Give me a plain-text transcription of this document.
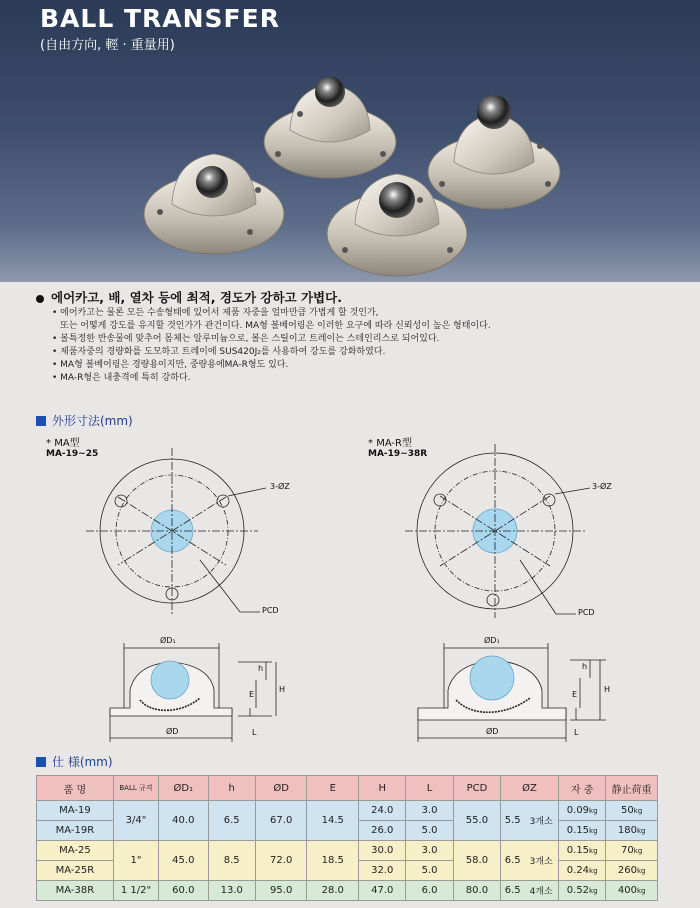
BALL TRANSFER
(自由方向, 輕 · 重量用)
에어카고, 배, 열차 등에 최적, 경도가 강하고 가볍다.
• 에어카고는 물론 모든 수송형태에 있어서 제품 자중을 얼마만큼 가볍게 할 것인가,
또는 어떻게 강도를 유지할 것인가가 관건이다. MA형 볼베어링은 이러한 요구에 따라 신뢰성이 높은 형태이다.
• 볼특정한 반송물에 맞추어 몸체는 알루미늄으로, 볼은 스틸이고 트레이는 스테인리스로 되어있다.
• 제품자중의 경량화를 도모하고 트레이에 SUS420J₂를 사용하여 강도를 강화하였다.
• MA형 볼베어링은 경량용이지만, 중량용에MA-R형도 있다.
• MA-R형은 내충격에 특히 강하다.
外形寸法(mm)
* MA型
MA-19~25
* MA-R型
MA-19~38R
3-ØZ
PCD
3-ØZ
PCD
ØD₁
ØD
h
E
H
L
ØD₁
ØD
h
E
H
L
仕 様(mm)
품 명	BALL 규격	ØD₁	h	ØD	E	H	L	PCD	ØZ		자 중	静止荷重
MA-19	3/4"	40.0	6.5	67.0	14.5	24.0	3.0	55.0	5.5	3개소	0.09kg	50kg
MA-19R						26.0	5.0				0.15kg	180kg
MA-25	1"	45.0	8.5	72.0	18.5	30.0	3.0	58.0	6.5	3개소	0.15kg	70kg
MA-25R						32.0	5.0				0.24kg	260kg
MA-38R	1 1/2"	60.0	13.0	95.0	28.0	47.0	6.0	80.0	6.5	4개소	0.52kg	400kg
